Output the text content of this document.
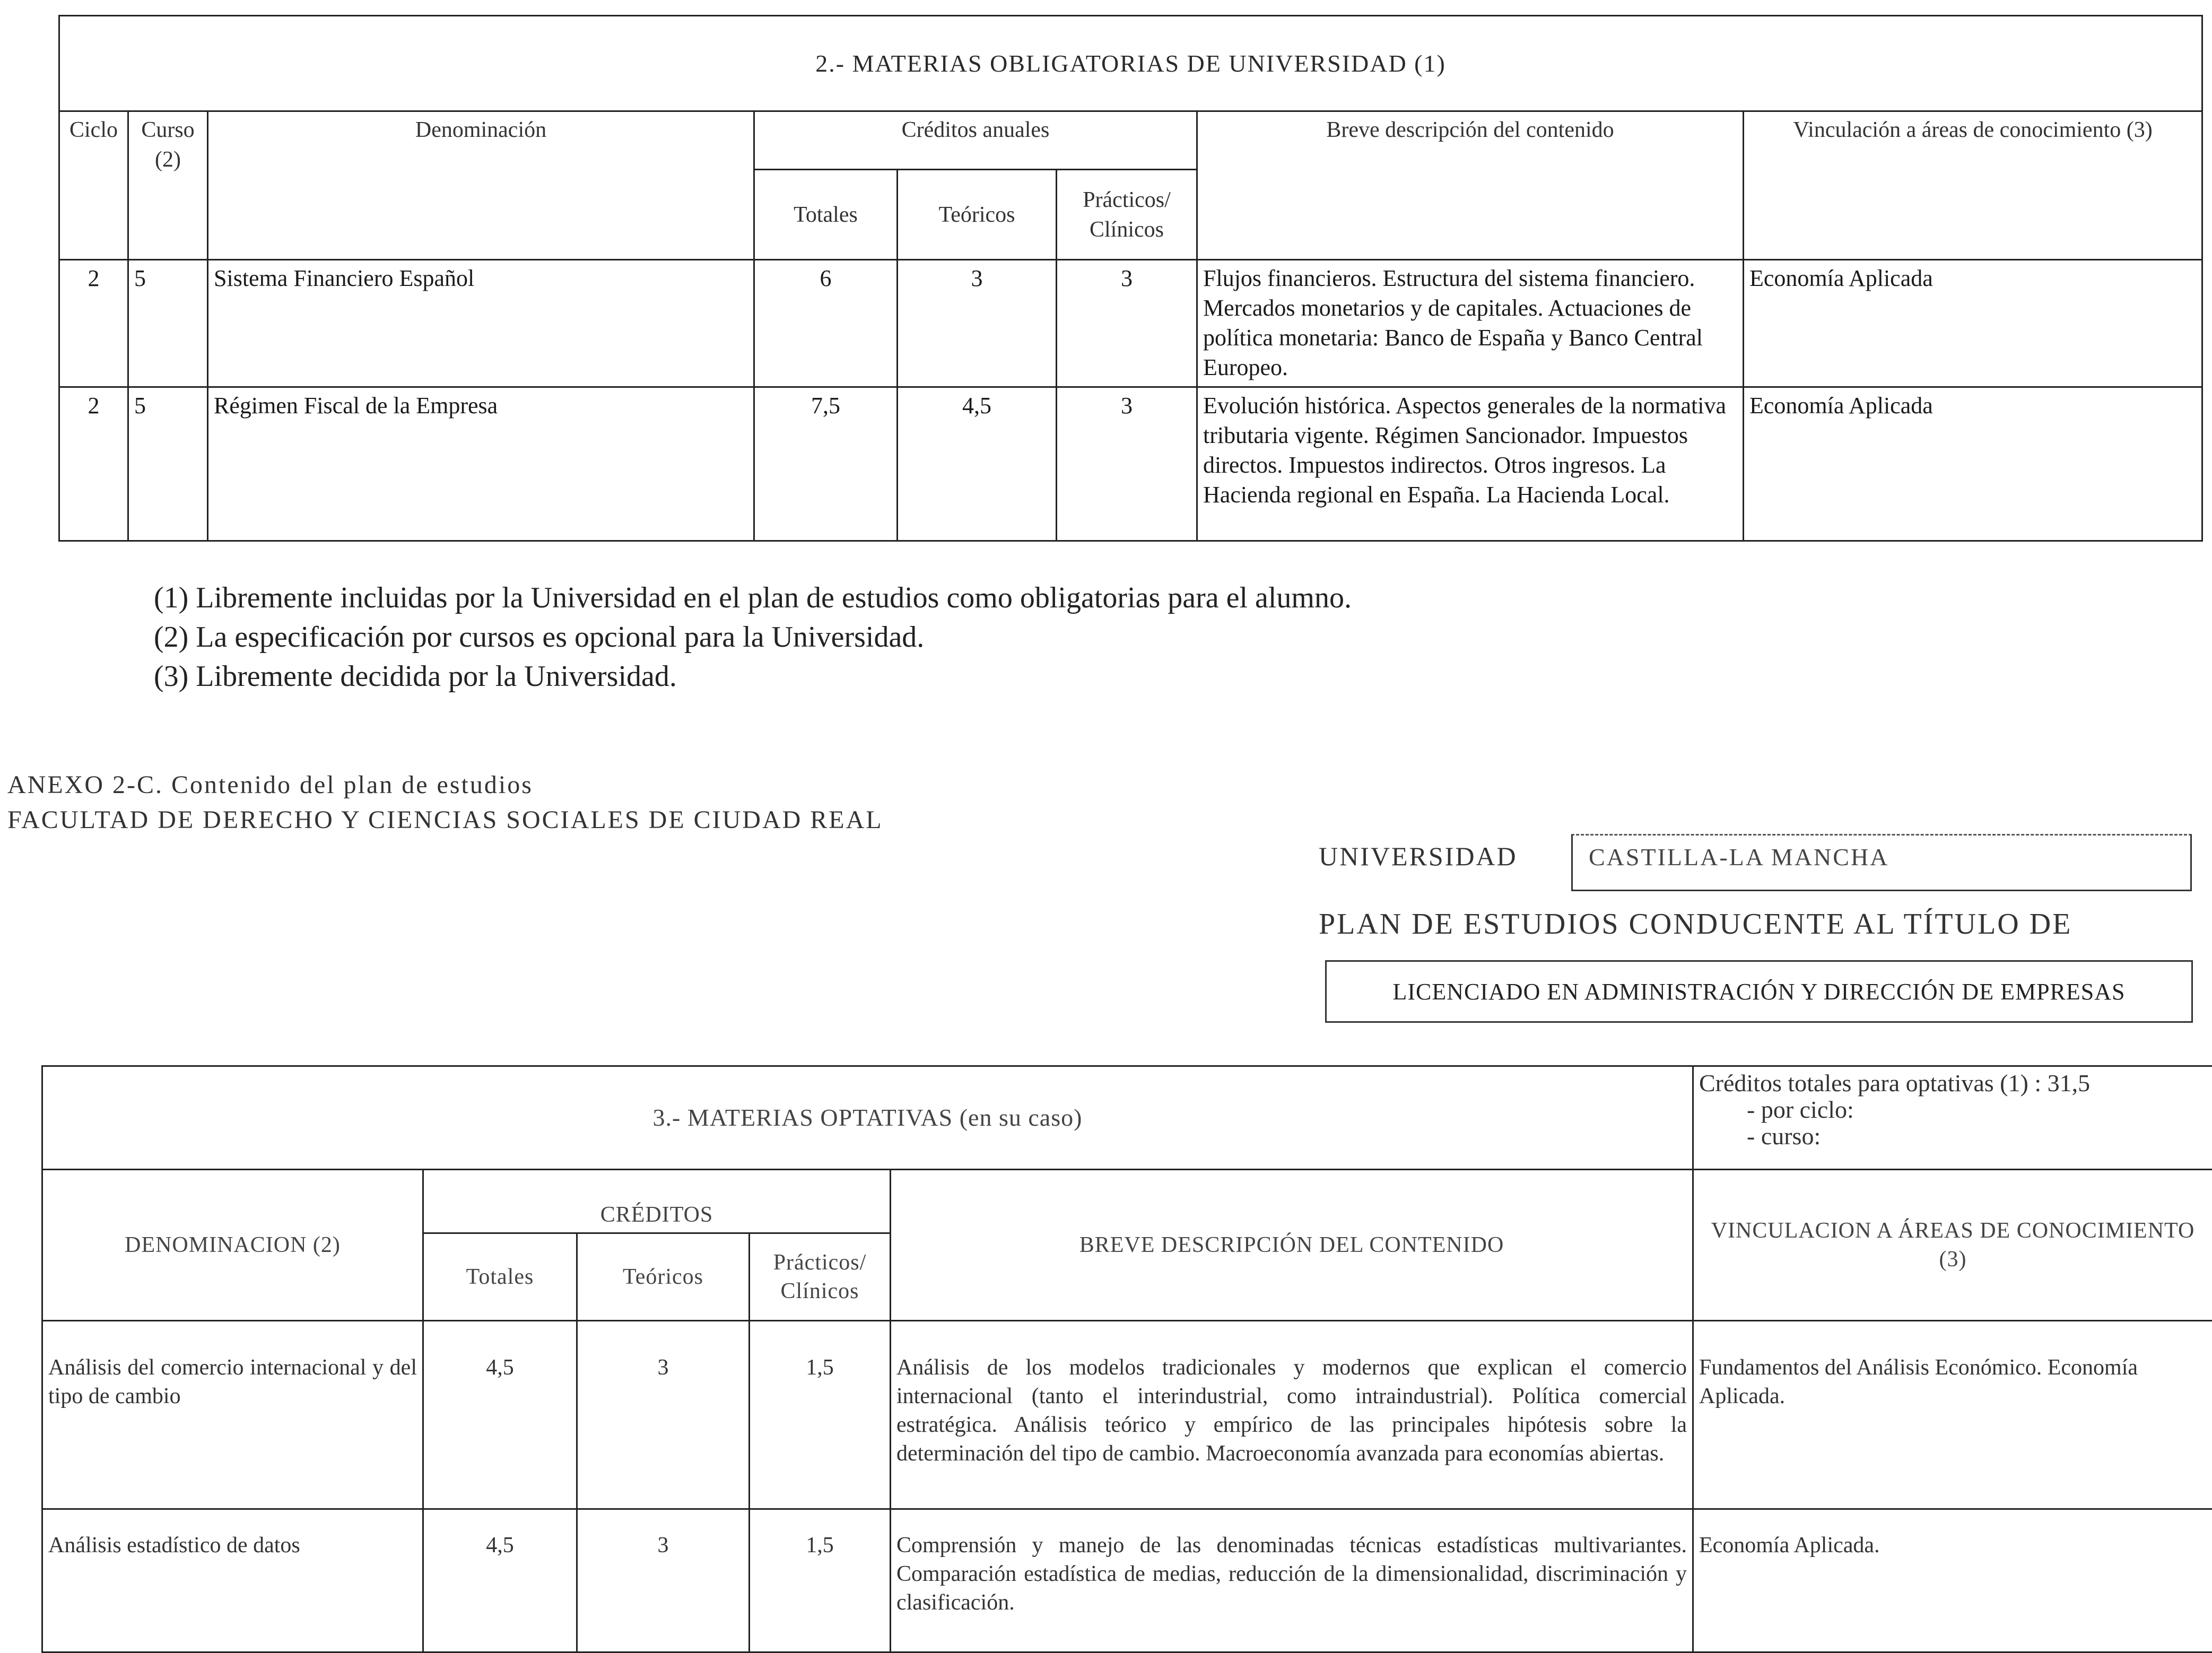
2.- MATERIAS OBLIGATORIAS DE UNIVERSIDAD (1)							
Ciclo	Curso (2)	Denominación	Créditos anuales			Breve descripción del contenido	Vinculación a áreas de conocimiento (3)
			Totales	Teóricos	Prácticos/ Clínicos		
2	5	Sistema Financiero Español	6	3	3	Flujos financieros. Estructura del sistema financiero. Mercados monetarios y de capitales. Actuaciones de política monetaria: Banco de España y Banco Central Europeo.	Economía Aplicada
2	5	Régimen Fiscal de la Empresa	7,5	4,5	3	Evolución histórica. Aspectos generales de la normativa tributaria vigente. Régimen Sancionador. Impuestos directos. Impuestos indirectos. Otros ingresos. La Hacienda regional en España. La Hacienda Local.	Economía Aplicada
(1) Libremente incluidas por la Universidad en el plan de estudios como obligatorias para el alumno.
(2) La especificación por cursos es opcional para la Universidad.
(3) Libremente decidida por la Universidad.
ANEXO 2-C. Contenido del plan de estudios
FACULTAD DE DERECHO Y CIENCIAS SOCIALES DE CIUDAD REAL
UNIVERSIDAD	CASTILLA-LA MANCHA
PLAN DE ESTUDIOS CONDUCENTE AL TÍTULO DE
LICENCIADO EN ADMINISTRACIÓN Y DIRECCIÓN DE EMPRESAS
3.- MATERIAS OPTATIVAS (en su caso)					Créditos totales para optativas (1) : 31,5
- por ciclo:
- curso:

DENOMINACION (2)	CRÉDITOS			BREVE DESCRIPCIÓN DEL CONTENIDO	VINCULACION A ÁREAS DE CONOCIMIENTO (3)
	Totales	Teóricos	Prácticos/ Clínicos		
Análisis del comercio internacional y del tipo de cambio	4,5	3	1,5	Análisis de los modelos tradicionales y modernos que explican el comercio internacional (tanto el interindustrial, como intraindustrial). Política comercial estratégica. Análisis teórico y empírico de las principales hipótesis sobre la determinación del tipo de cambio. Macroeconomía avanzada para economías abiertas.	Fundamentos del Análisis Económico. Economía Aplicada.
Análisis estadístico de datos	4,5	3	1,5	Comprensión y manejo de las denominadas técnicas estadísticas multivariantes. Comparación estadística de medias, reducción de la dimensionalidad, discriminación y clasificación.	Economía Aplicada.
